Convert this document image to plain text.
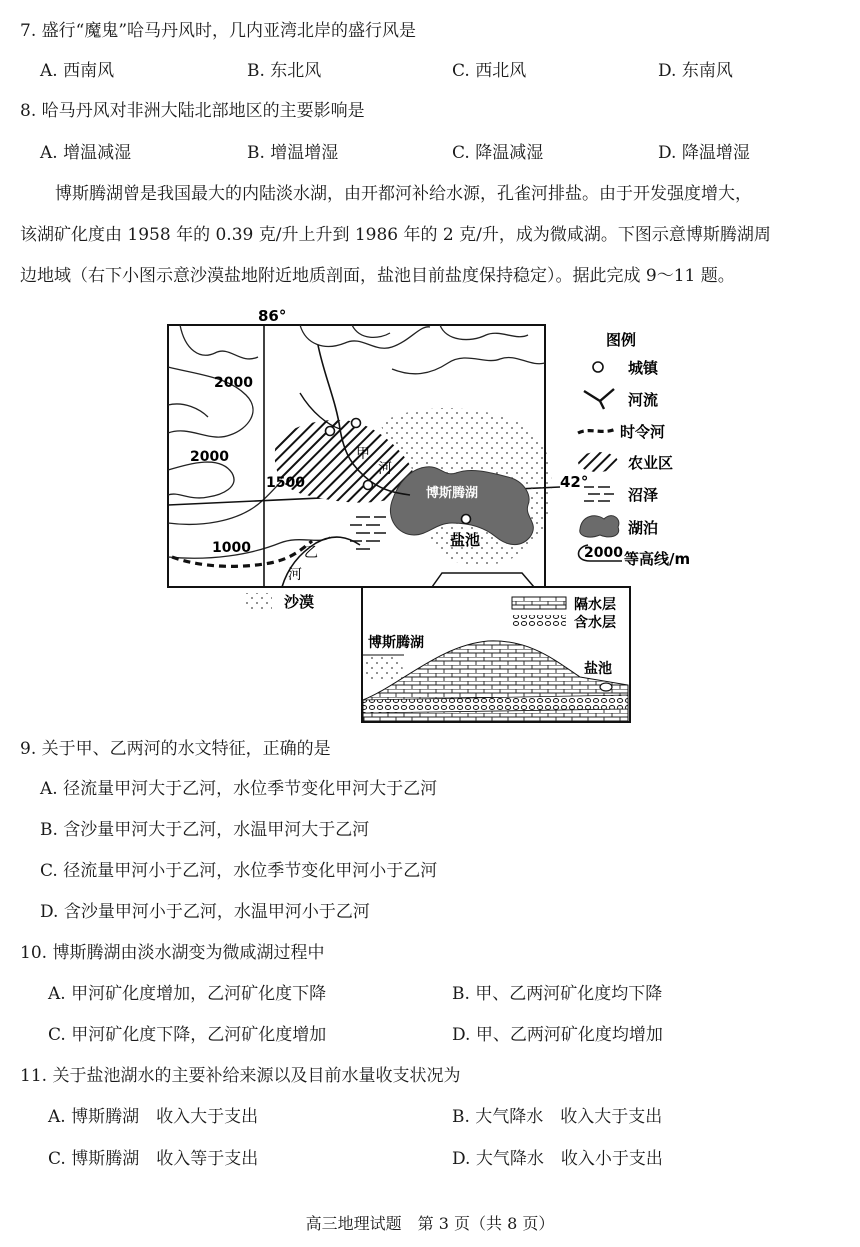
7. 盛行“魔鬼”哈马丹风时，几内亚湾北岸的盛行风是
A. 西南风	B. 东北风	C. 西北风	D. 东南风
8. 哈马丹风对非洲大陆北部地区的主要影响是
A. 增温减湿	B. 增温增湿	C. 降温减湿	D. 降温增湿
博斯腾湖曾是我国最大的内陆淡水湖，由开都河补给水源，孔雀河排盐。由于开发强度增大，
该湖矿化度由 1958 年的 0.39 克/升上升到 1986 年的 2 克/升，成为微咸湖。下图示意博斯腾湖周
边地域（右下小图示意沙漠盐地附近地质剖面，盐池目前盐度保持稳定）。据此完成 9～11 题。
86°
42°
2000
2000
1500
1000
甲
河
乙
河
博斯腾湖
盐池
图例
城镇
河流
时令河
农业区
沼泽
湖泊
2000 等高线/m
沙漠	隔水层
含水层
博斯腾湖
盐池
9. 关于甲、乙两河的水文特征，正确的是
A. 径流量甲河大于乙河，水位季节变化甲河大于乙河
B. 含沙量甲河大于乙河，水温甲河大于乙河
C. 径流量甲河小于乙河，水位季节变化甲河小于乙河
D. 含沙量甲河小于乙河，水温甲河小于乙河
10. 博斯腾湖由淡水湖变为微咸湖过程中
A. 甲河矿化度增加，乙河矿化度下降	B. 甲、乙两河矿化度均下降
C. 甲河矿化度下降，乙河矿化度增加	D. 甲、乙两河矿化度均增加
11. 关于盐池湖水的主要补给来源以及目前水量收支状况为
A. 博斯腾湖　收入大于支出	B. 大气降水　收入大于支出
C. 博斯腾湖　收入等于支出	D. 大气降水　收入小于支出
高三地理试题　第 3 页（共 8 页）
